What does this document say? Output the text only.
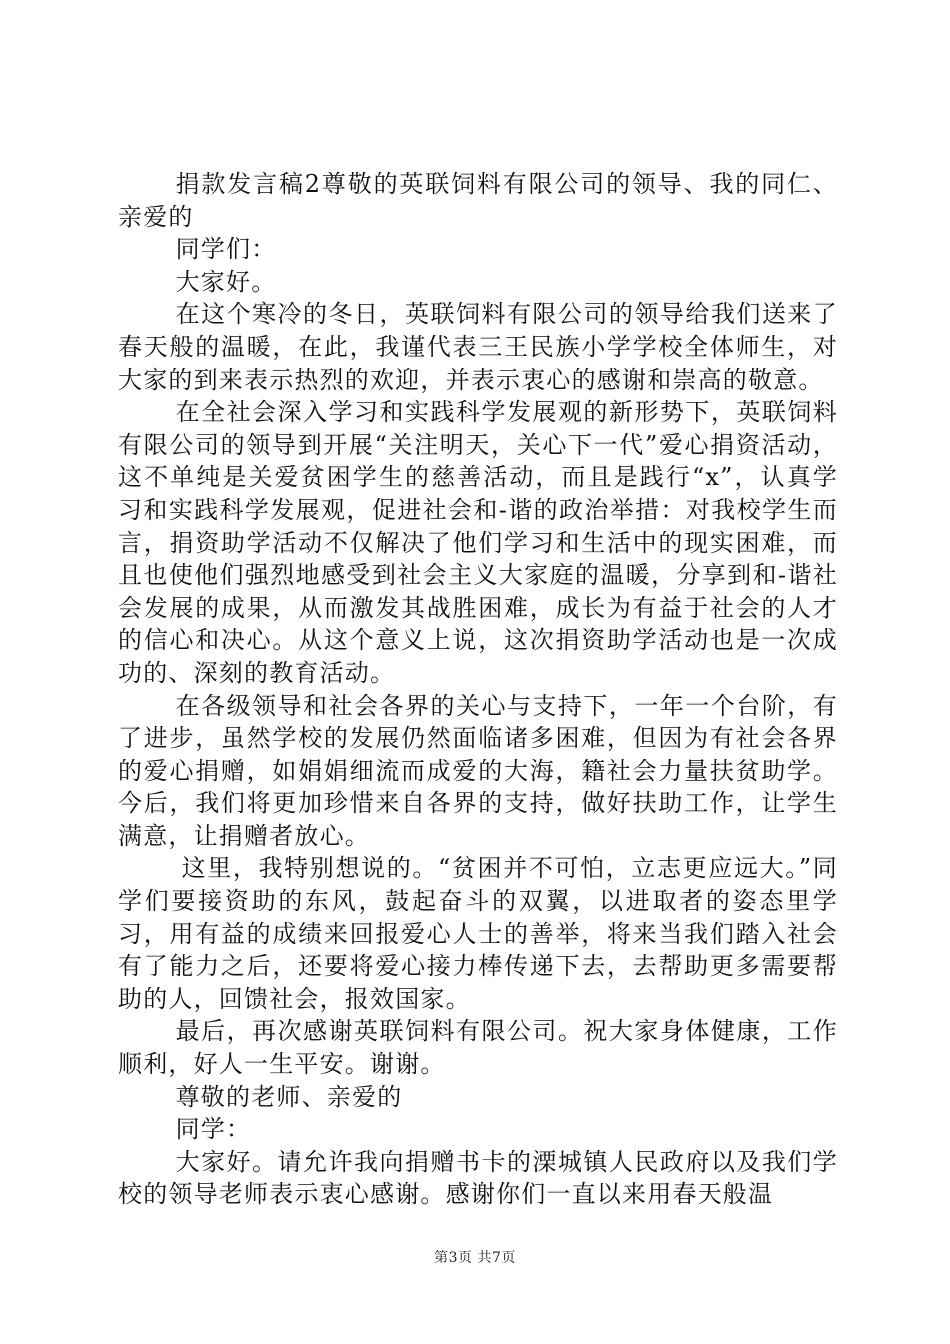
捐款发言稿2尊敬的英联饲料有限公司的领导、我的同仁、亲爱的

同学们：

大家好。

在这个寒冷的冬日，英联饲料有限公司的领导给我们送来了春天般的温暖，在此，我谨代表三王民族小学学校全体师生，对大家的到来表示热烈的欢迎，并表示衷心的感谢和崇高的敬意。

在全社会深入学习和实践科学发展观的新形势下，英联饲料有限公司的领导到开展“关注明天，关心下一代”爱心捐资活动，这不单纯是关爱贫困学生的慈善活动，而且是践行“x”，认真学习和实践科学发展观，促进社会和-谐的政治举措：对我校学生而言，捐资助学活动不仅解决了他们学习和生活中的现实困难，而且也使他们强烈地感受到社会主义大家庭的温暖，分享到和-谐社会发展的成果，从而激发其战胜困难，成长为有益于社会的人才的信心和决心。从这个意义上说，这次捐资助学活动也是一次成功的、深刻的教育活动。

在各级领导和社会各界的关心与支持下，一年一个台阶，有了进步，虽然学校的发展仍然面临诸多困难，但因为有社会各界的爱心捐赠，如娟娟细流而成爱的大海，籍社会力量扶贫助学。今后，我们将更加珍惜来自各界的支持，做好扶助工作，让学生满意，让捐赠者放心。

这里，我特别想说的。“贫困并不可怕，立志更应远大。”同学们要接资助的东风，鼓起奋斗的双翼，以进取者的姿态里学习，用有益的成绩来回报爱心人士的善举，将来当我们踏入社会有了能力之后，还要将爱心接力棒传递下去，去帮助更多需要帮助的人，回馈社会，报效国家。

最后，再次感谢英联饲料有限公司。祝大家身体健康，工作顺利，好人一生平安。谢谢。

尊敬的老师、亲爱的

同学：

大家好。请允许我向捐赠书卡的溧城镇人民政府以及我们学校的领导老师表示衷心感谢。感谢你们一直以来用春天般温

第3页 共7页
